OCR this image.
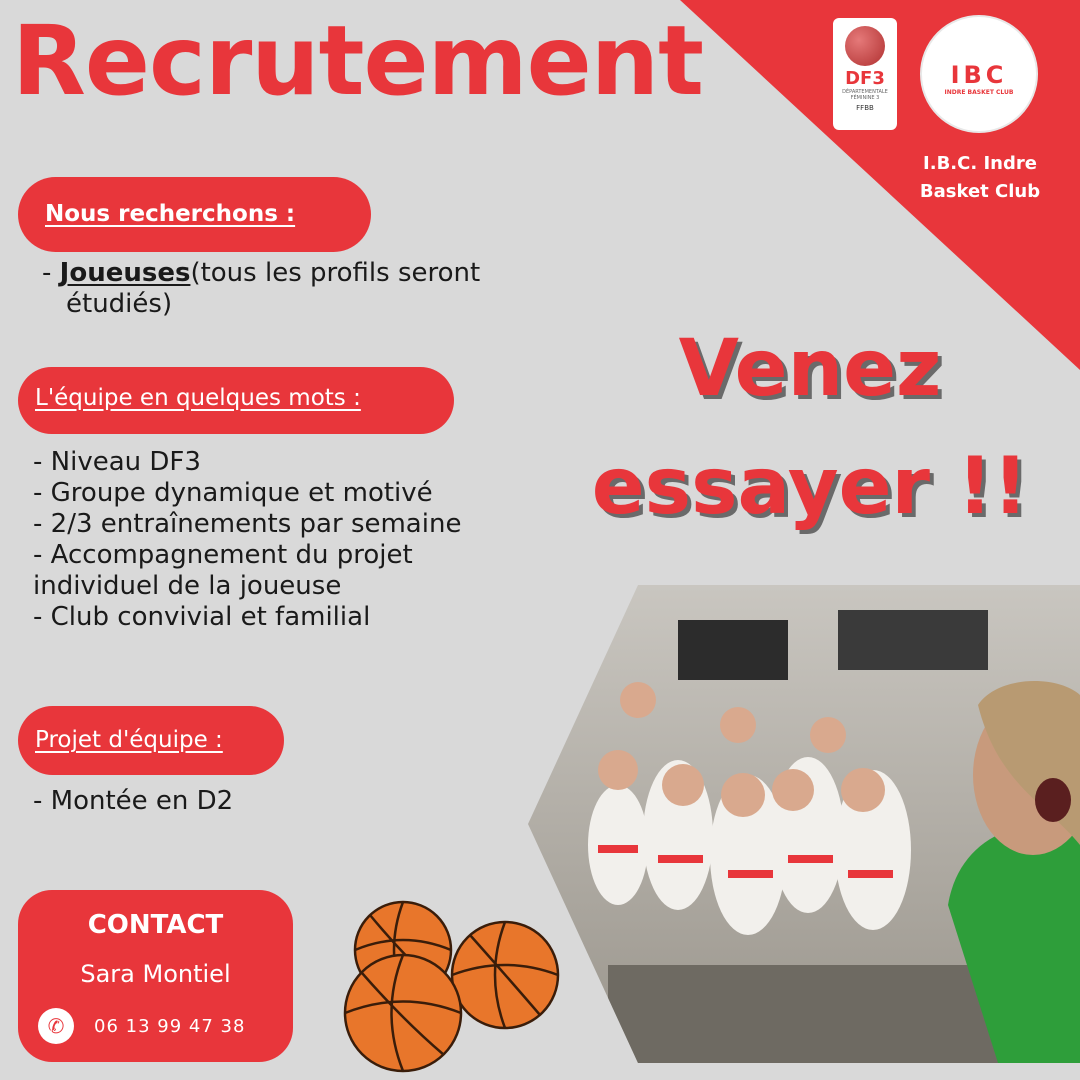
Recrutement	DF3
DÉPARTEMENTALE FÉMININE 3
FFBB
IBC
INDRE BASKET CLUB
I.B.C. Indre
Basket Club
Nous recherchons :
- Joueuses(tous les profils seront
étudiés)
L'équipe en quelques mots :
- Niveau DF3
- Groupe dynamique et motivé
- 2/3 entraînements par semaine
- Accompagnement du projet individuel de la joueuse
- Club convivial et familial
Projet d'équipe :
- Montée en D2
Venez
essayer !!
CONTACT
Sara Montiel
✆	06 13 99 47 38
